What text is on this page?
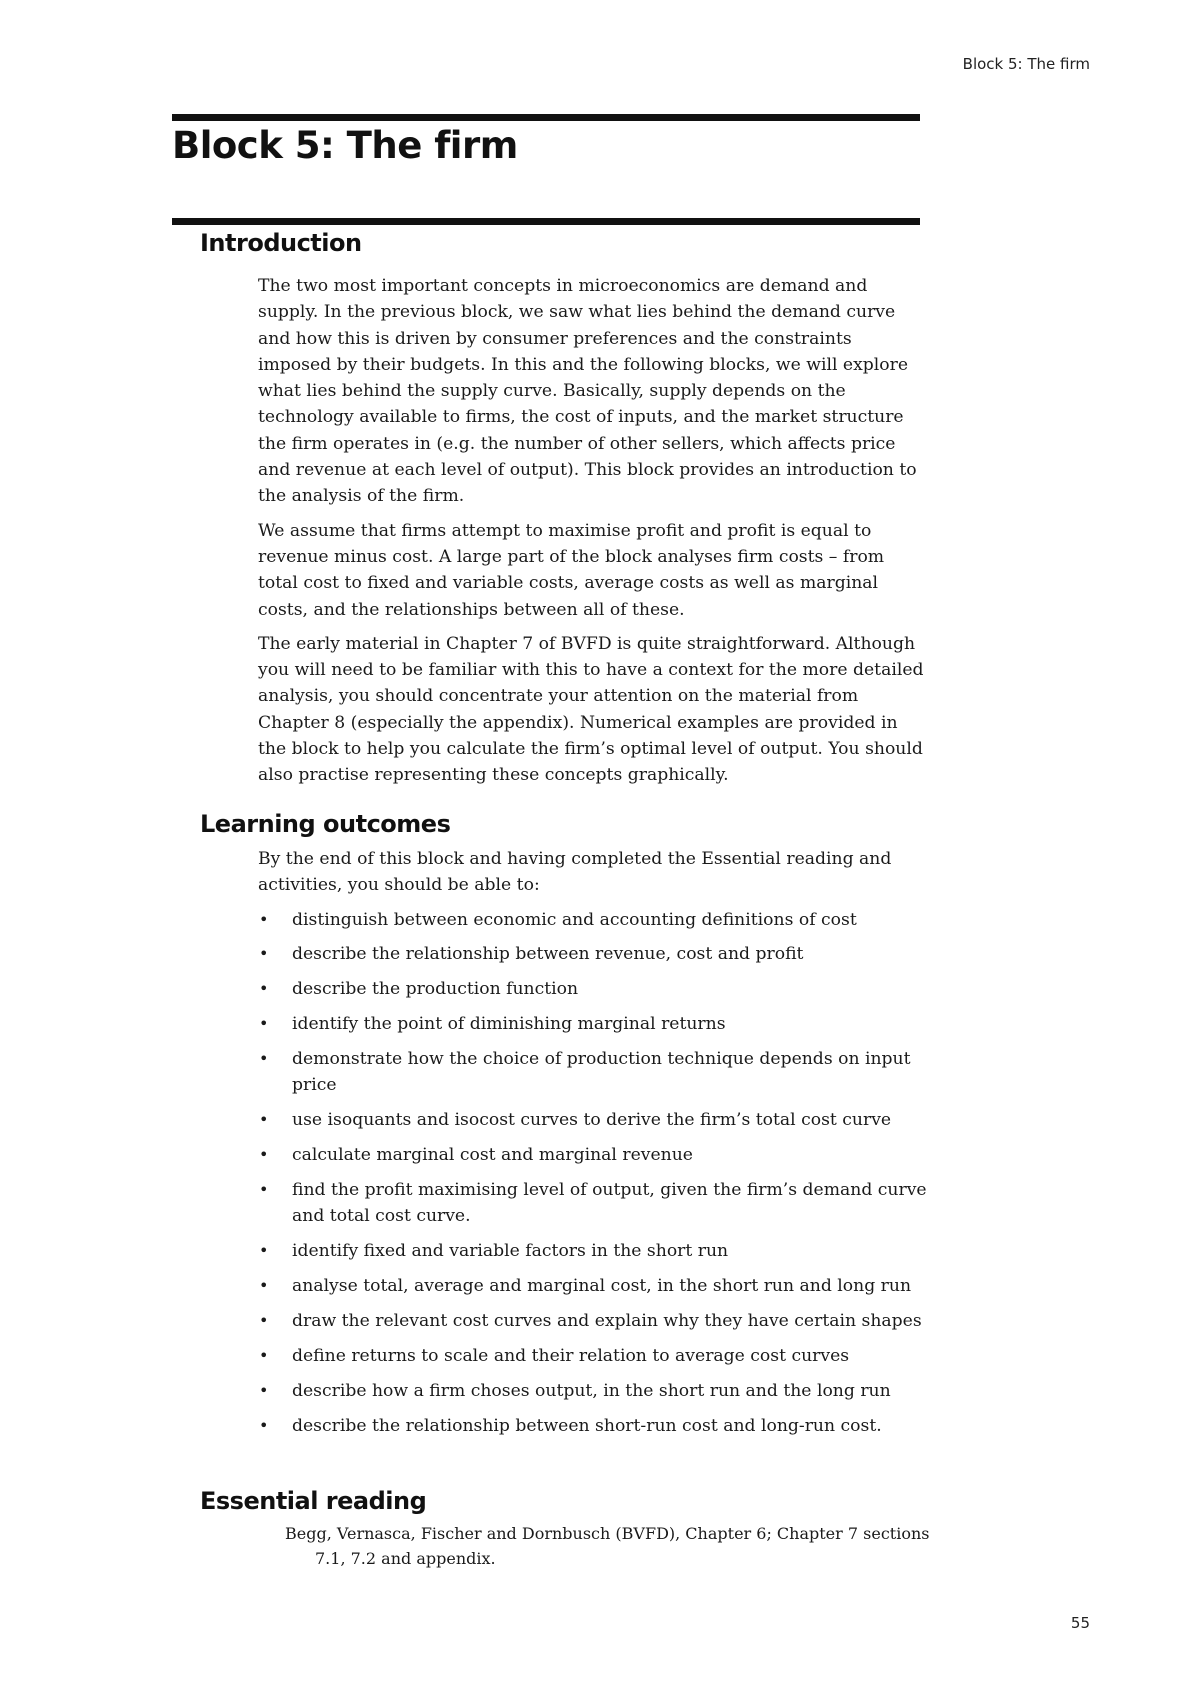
Block 5: The firm
Block 5: The firm
Introduction

The two most important concepts in microeconomics are demand and supply. In the previous block, we saw what lies behind the demand curve and how this is driven by consumer preferences and the constraints imposed by their budgets. In this and the following blocks, we will explore what lies behind the supply curve. Basically, supply depends on the technology available to firms, the cost of inputs, and the market structure the firm operates in (e.g. the number of other sellers, which affects price and revenue at each level of output). This block provides an introduction to the analysis of the firm.

We assume that firms attempt to maximise profit and profit is equal to revenue minus cost. A large part of the block analyses firm costs – from total cost to fixed and variable costs, average costs as well as marginal costs, and the relationships between all of these.

The early material in Chapter 7 of BVFD is quite straightforward. Although you will need to be familiar with this to have a context for the more detailed analysis, you should concentrate your attention on the material from Chapter 8 (especially the appendix). Numerical examples are provided in the block to help you calculate the firm’s optimal level of output. You should also practise representing these concepts graphically.

Learning outcomes

By the end of this block and having completed the Essential reading and activities, you should be able to:

• distinguish between economic and accounting definitions of cost
• describe the relationship between revenue, cost and profit
• describe the production function
• identify the point of diminishing marginal returns
• demonstrate how the choice of production technique depends on input price
• use isoquants and isocost curves to derive the firm’s total cost curve
• calculate marginal cost and marginal revenue
• find the profit maximising level of output, given the firm’s demand curve and total cost curve.
• identify fixed and variable factors in the short run
• analyse total, average and marginal cost, in the short run and long run
• draw the relevant cost curves and explain why they have certain shapes
• define returns to scale and their relation to average cost curves
• describe how a firm choses output, in the short run and the long run
• describe the relationship between short-run cost and long-run cost.
Essential reading
Begg, Vernasca, Fischer and Dornbusch (BVFD), Chapter 6; Chapter 7 sections 7.1, 7.2 and appendix.
55
